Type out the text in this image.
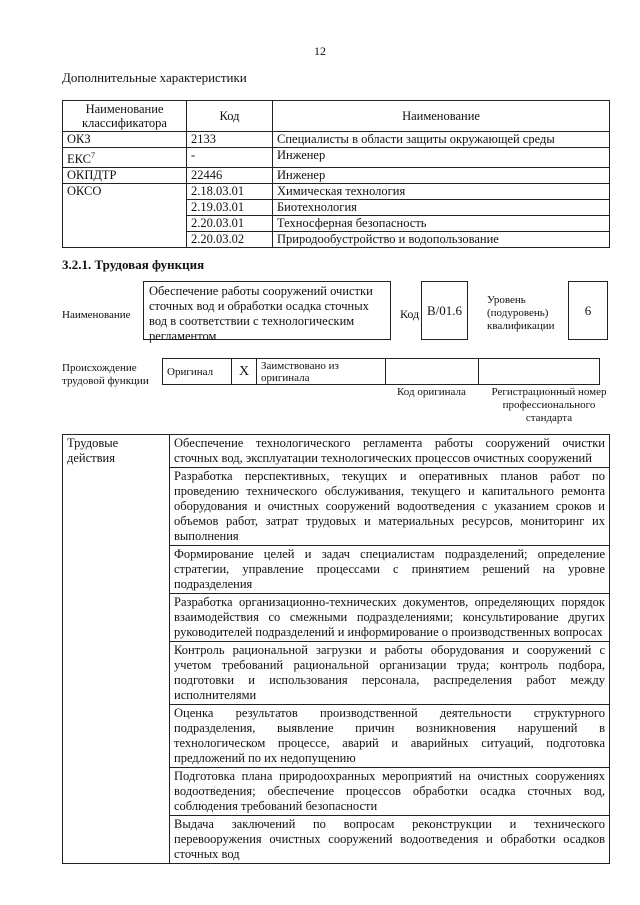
12
Дополнительные характеристики
Наименование классификатора	Код	Наименование
ОКЗ	2133	Специалисты в области защиты окружающей среды
ЕКС$^7$	-	Инженер
ОКПДТР	22446	Инженер
ОКСО	2.18.03.01	Химическая технология
	2.19.03.01	Биотехнология
	2.20.03.01	Техносферная безопасность
	2.20.03.02	Природообустройство и водопользование
3.2.1. Трудовая функция
Наименование
Обеспечение работы сооружений очистки сточных вод и обработки осадка сточных вод в соответствии с технологическим регламентом
Код В/01.6
Уровень (подуровень) квалификации
6
Происхождение трудовой функции
Оригинал	X	Заимствовано из оригинала		
Код оригинала	Регистрационный номер профессионального стандарта
Трудовые действия	Обеспечение технологического регламента работы сооружений очистки сточных вод, эксплуатации технологических процессов очистных сооружений
Разработка перспективных, текущих и оперативных планов работ по проведению технического обслуживания, текущего и капитального ремонта оборудования и очистных сооружений водоотведения с указанием сроков и объемов работ, затрат трудовых и материальных ресурсов, мониторинг их выполнения
Формирование целей и задач специалистам подразделений; определение стратегии, управление процессами с принятием решений на уровне подразделения
Разработка организационно-технических документов, определяющих порядок взаимодействия со смежными подразделениями; консультирование других руководителей подразделений и информирование о производственных вопросах
Контроль рациональной загрузки и работы оборудования и сооружений с учетом требований рациональной организации труда; контроль подбора, подготовки и использования персонала, распределения работ между исполнителями
Оценка результатов производственной деятельности структурного подразделения, выявление причин возникновения нарушений в технологическом процессе, аварий и аварийных ситуаций, подготовка предложений по их недопущению
Подготовка плана природоохранных мероприятий на очистных сооружениях водоотведения; обеспечение процессов обработки осадка сточных вод, соблюдения требований безопасности
Выдача заключений по вопросам реконструкции и технического перевооружения очистных сооружений водоотведения и обработки осадков сточных вод
